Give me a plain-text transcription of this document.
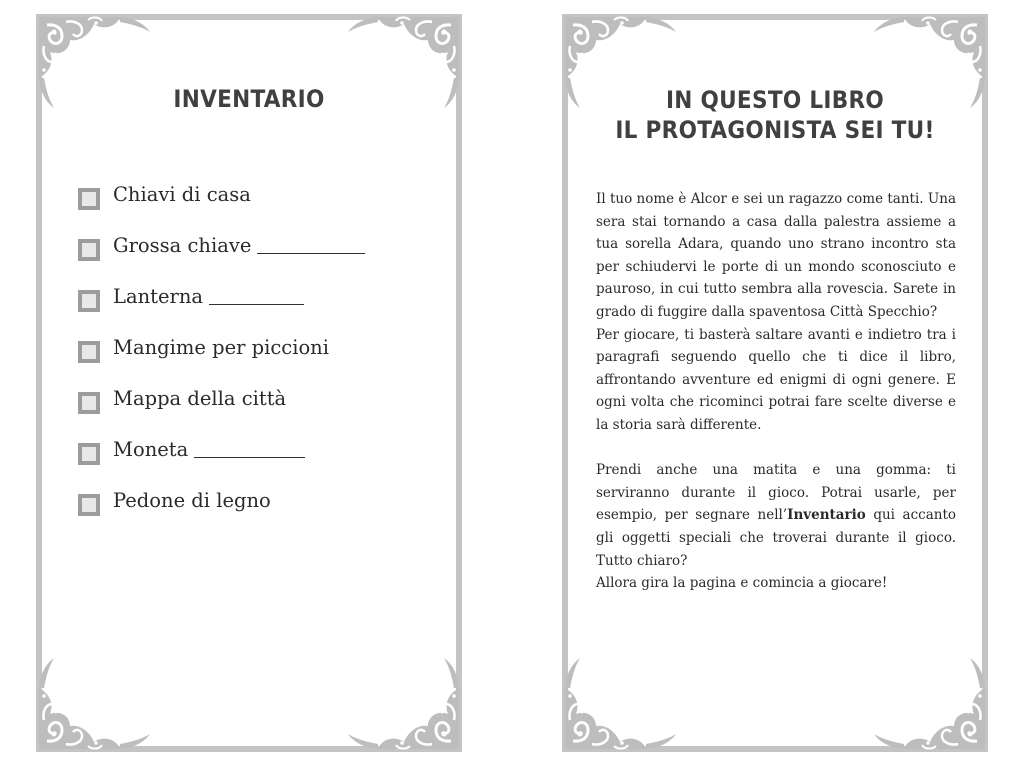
INVENTARIO
Chiavi di casa
Grossa chiave
Lanterna
Mangime per piccioni
Mappa della città
Moneta
Pedone di legno
IN QUESTO LIBRO
IL PROTAGONISTA SEI TU!

Il tuo nome è Alcor e sei un ragazzo come tanti. Una sera stai tornando a casa dalla palestra assieme a tua sorella Adara, quando uno strano incontro sta per schiudervi le porte di un mondo sconosciuto e pauroso, in cui tutto sembra alla rovescia. Sarete in grado di fuggire dalla spaventosa Città Specchio?

Per giocare, ti basterà saltare avanti e indietro tra i paragrafi seguendo quello che ti dice il libro, affrontando avventure ed enigmi di ogni genere. E ogni volta che ricominci potrai fare scelte diverse e la storia sarà differente.

Prendi anche una matita e una gomma: ti serviranno durante il gioco. Potrai usarle, per esempio, per segnare nell’Inventario qui accanto gli oggetti speciali che troverai durante il gioco. Tutto chiaro?

Allora gira la pagina e comincia a giocare!
